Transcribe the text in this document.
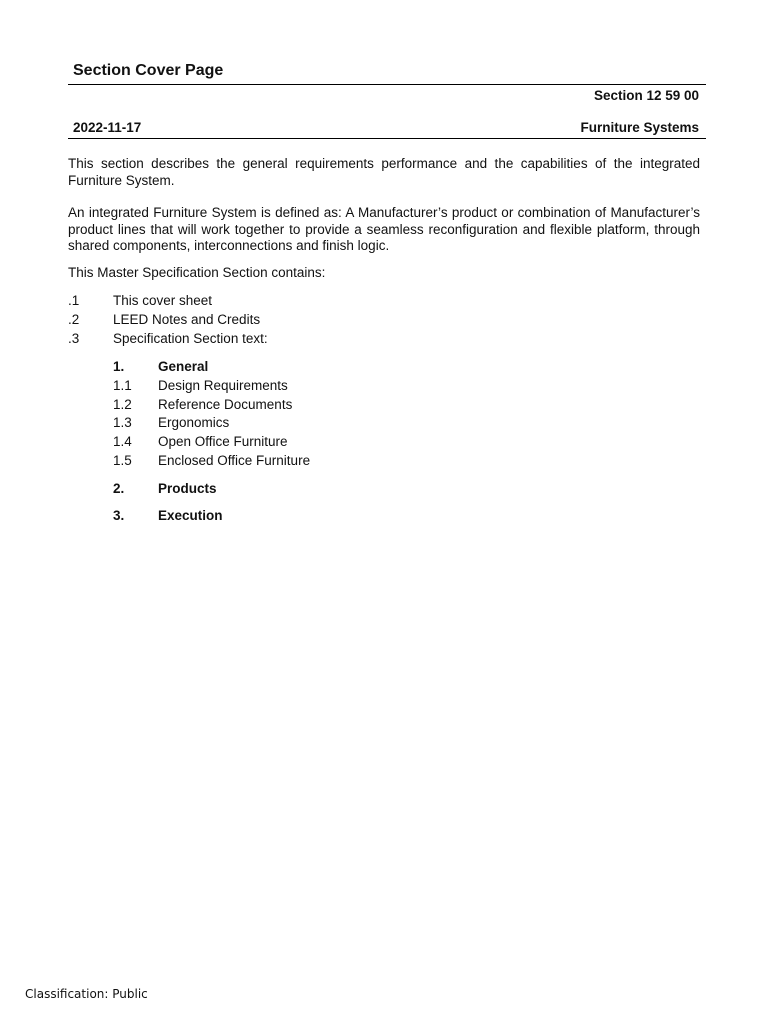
Section Cover Page
Section 12 59 00
2022-11-17	Furniture Systems

This section describes the general requirements performance and the capabilities of the integrated Furniture System.

An integrated Furniture System is defined as: A Manufacturer’s product or combination of Manufacturer’s product lines that will work together to provide a seamless reconfiguration and flexible platform, through shared components, interconnections and finish logic.

This Master Specification Section contains:

.1 This cover sheet
.2 LEED Notes and Credits
.3 Specification Section text:
1. General
1.1 Design Requirements
1.2 Reference Documents
1.3 Ergonomics
1.4 Open Office Furniture
1.5 Enclosed Office Furniture
2. Products
3. Execution
Classification: Public
